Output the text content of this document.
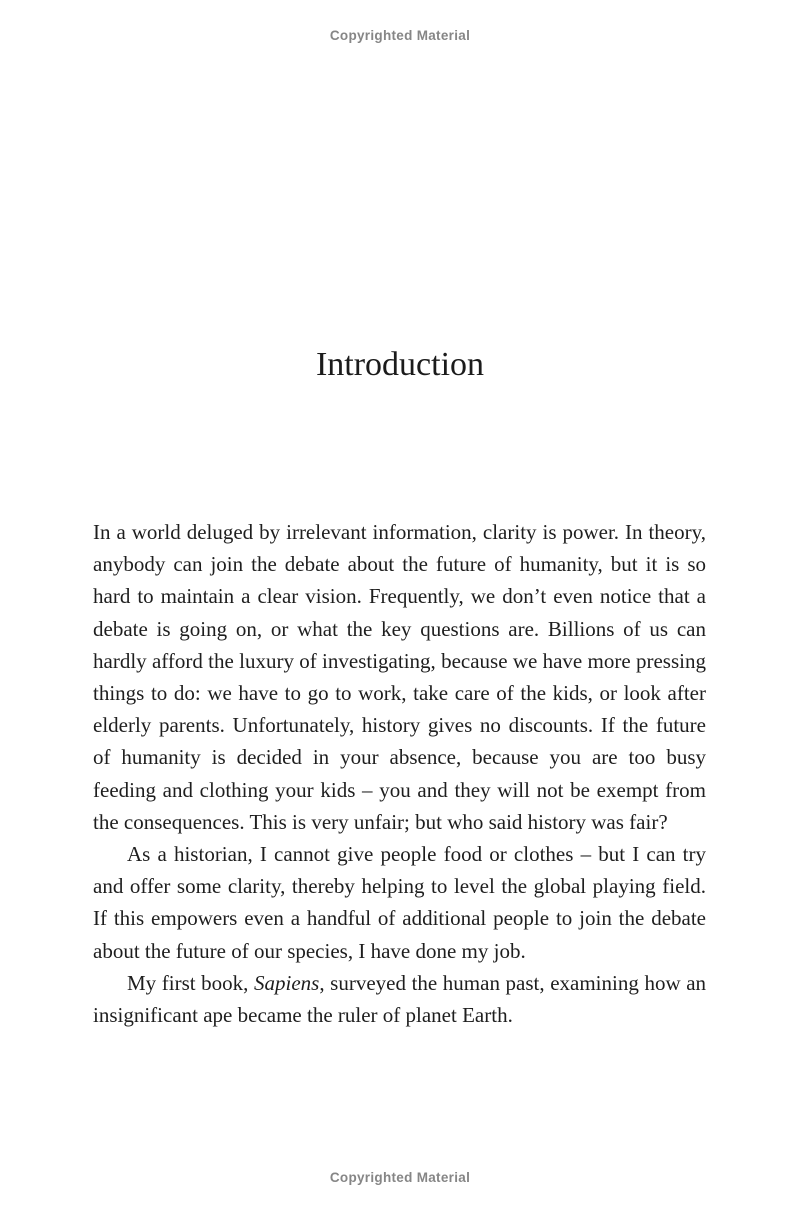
Copyrighted Material
Introduction

In a world deluged by irrelevant information, clarity is power. In theory, anybody can join the debate about the future of humanity, but it is so hard to maintain a clear vision. Frequently, we don’t even notice that a debate is going on, or what the key questions are. Billions of us can hardly afford the luxury of investigating, because we have more pressing things to do: we have to go to work, take care of the kids, or look after elderly parents. Unfortunately, history gives no discounts. If the future of humanity is decided in your absence, because you are too busy feeding and clothing your kids – you and they will not be exempt from the consequences. This is very unfair; but who said history was fair?

As a historian, I cannot give people food or clothes – but I can try and offer some clarity, thereby helping to level the global playing field. If this empowers even a handful of additional people to join the debate about the future of our species, I have done my job.

My first book, Sapiens, surveyed the human past, examining how an insignificant ape became the ruler of planet Earth.

Copyrighted Material
